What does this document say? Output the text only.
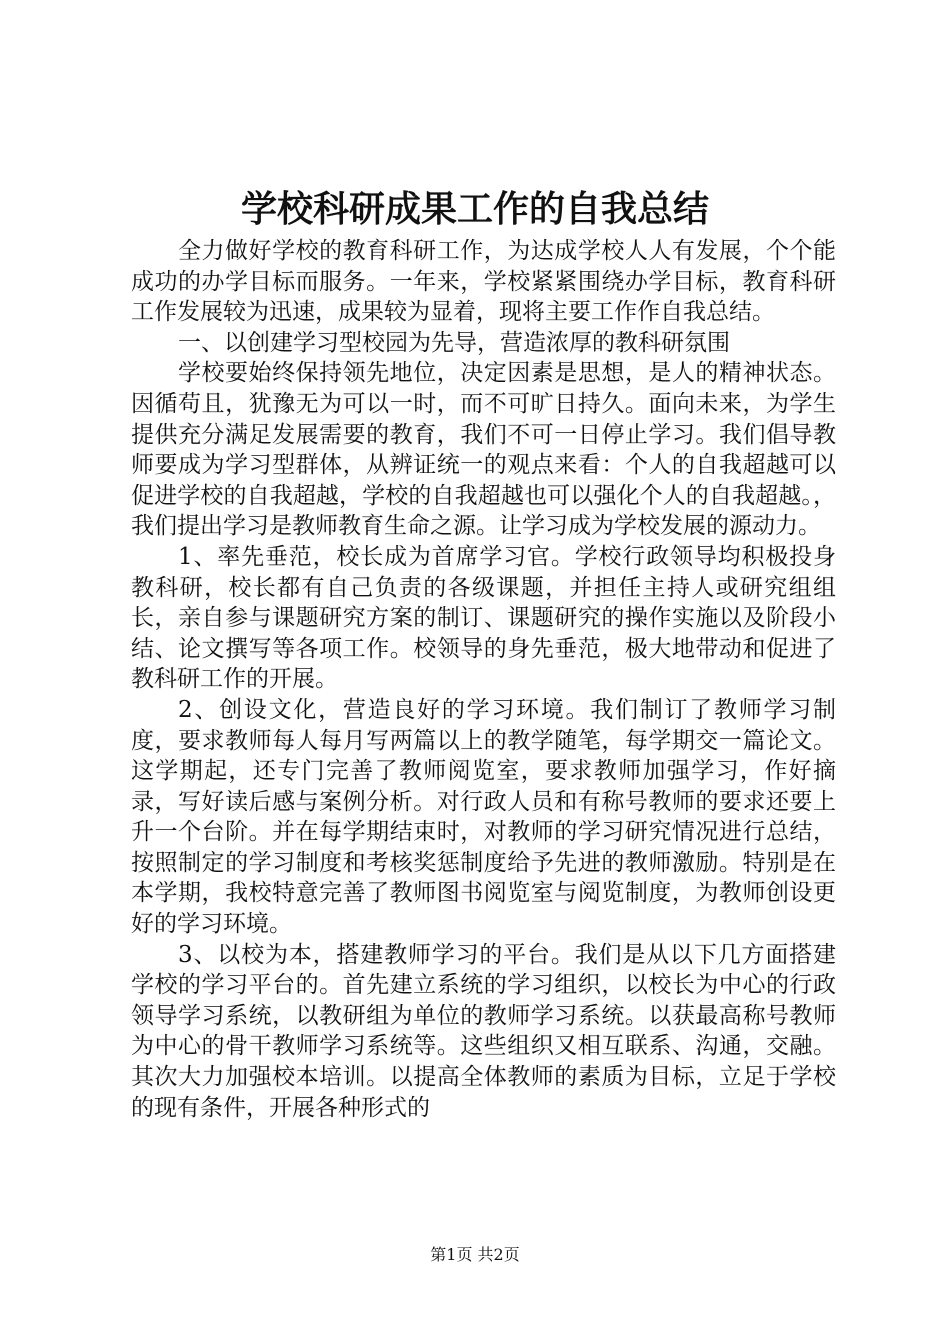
学校科研成果工作的自我总结

全力做好学校的教育科研工作，为达成学校人人有发展，个个能成功的办学目标而服务。一年来，学校紧紧围绕办学目标，教育科研工作发展较为迅速，成果较为显着，现将主要工作作自我总结。

一、以创建学习型校园为先导，营造浓厚的教科研氛围

学校要始终保持领先地位，决定因素是思想，是人的精神状态。因循苟且，犹豫无为可以一时，而不可旷日持久。面向未来，为学生提供充分满足发展需要的教育，我们不可一日停止学习。我们倡导教师要成为学习型群体，从辨证统一的观点来看：个人的自我超越可以促进学校的自我超越，学校的自我超越也可以强化个人的自我超越。，我们提出学习是教师教育生命之源。让学习成为学校发展的源动力。

1、率先垂范，校长成为首席学习官。学校行政领导均积极投身教科研，校长都有自己负责的各级课题，并担任主持人或研究组组长，亲自参与课题研究方案的制订、课题研究的操作实施以及阶段小结、论文撰写等各项工作。校领导的身先垂范，极大地带动和促进了教科研工作的开展。

2、创设文化，营造良好的学习环境。我们制订了教师学习制度，要求教师每人每月写两篇以上的教学随笔，每学期交一篇论文。这学期起，还专门完善了教师阅览室，要求教师加强学习，作好摘录，写好读后感与案例分析。对行政人员和有称号教师的要求还要上升一个台阶。并在每学期结束时，对教师的学习研究情况进行总结，按照制定的学习制度和考核奖惩制度给予先进的教师激励。特别是在本学期，我校特意完善了教师图书阅览室与阅览制度，为教师创设更好的学习环境。

3、以校为本，搭建教师学习的平台。我们是从以下几方面搭建学校的学习平台的。首先建立系统的学习组织，以校长为中心的行政领导学习系统，以教研组为单位的教师学习系统。以获最高称号教师为中心的骨干教师学习系统等。这些组织又相互联系、沟通，交融。其次大力加强校本培训。以提高全体教师的素质为目标，立足于学校的现有条件，开展各种形式的

第1页 共2页
